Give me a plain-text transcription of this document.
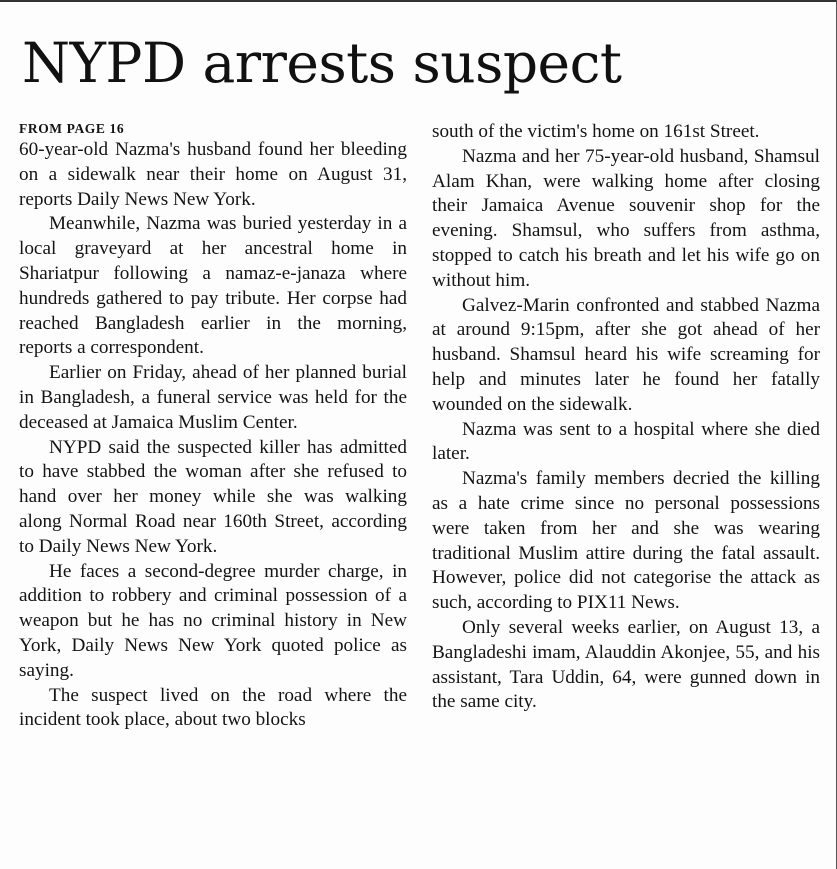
NYPD arrests suspect
FROM PAGE 16

60-year-old Nazma's husband found her bleeding on a sidewalk near their home on August 31, reports Daily News New York.

Meanwhile, Nazma was buried yesterday in a local graveyard at her ancestral home in Shariatpur following a namaz-e-janaza where hundreds gathered to pay tribute. Her corpse had reached Bangladesh earlier in the morning, reports a correspondent.

Earlier on Friday, ahead of her planned burial in Bangladesh, a funeral service was held for the deceased at Jamaica Muslim Center.

NYPD said the suspected killer has admitted to have stabbed the woman after she refused to hand over her money while she was walking along Normal Road near 160th Street, according to Daily News New York.

He faces a second-degree murder charge, in addition to robbery and criminal possession of a weapon but he has no criminal history in New York, Daily News New York quoted police as saying.

The suspect lived on the road where the incident took place, about two blocks

south of the victim's home on 161st Street.

Nazma and her 75-year-old husband, Shamsul Alam Khan, were walking home after closing their Jamaica Avenue souvenir shop for the evening. Shamsul, who suffers from asthma, stopped to catch his breath and let his wife go on without him.

Galvez-Marin confronted and stabbed Nazma at around 9:15pm, after she got ahead of her husband. Shamsul heard his wife screaming for help and minutes later he found her fatally wounded on the sidewalk.

Nazma was sent to a hospital where she died later.

Nazma's family members decried the killing as a hate crime since no personal possessions were taken from her and she was wearing traditional Muslim attire during the fatal assault. However, police did not categorise the attack as such, according to PIX11 News.

Only several weeks earlier, on August 13, a Bangladeshi imam, Alauddin Akonjee, 55, and his assistant, Tara Uddin, 64, were gunned down in the same city.
